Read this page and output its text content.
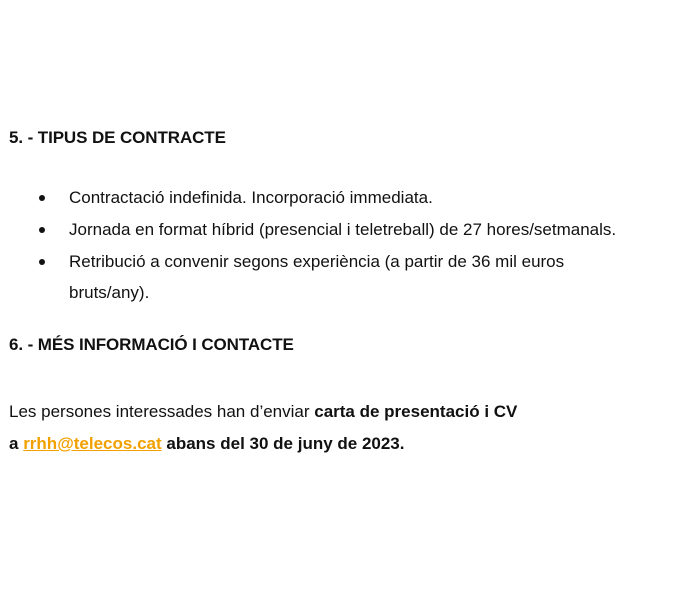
5. - TIPUS DE CONTRACTE
Contractació indefinida. Incorporació immediata.
Jornada en format híbrid (presencial i teletreball) de 27 hores/setmanals.
Retribució a convenir segons experiència (a partir de 36 mil euros bruts/any).
6. - MÉS INFORMACIÓ I CONTACTE

Les persones interessades han d’enviar carta de presentació i CV
a rrhh@telecos.cat abans del 30 de juny de 2023.
